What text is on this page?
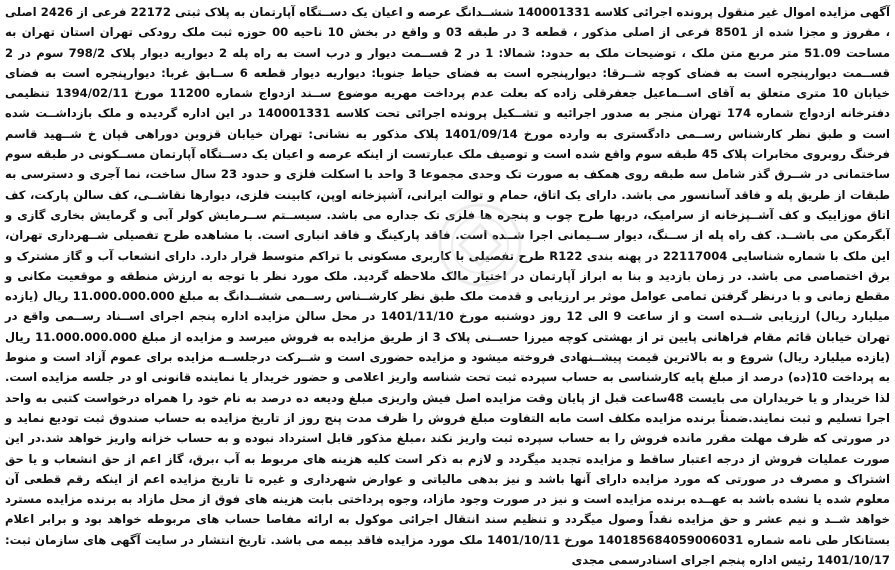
آگهی مزایده اموال غیر منقول پرونده اجرائی کلاسه 140001331 ششــدانگ عرصه و اعیان یک دســتگاه آپارتمان به پلاک ثبتی 22172 فرعی از 2426 اصلی ، مفروز و مجزا شده از 8501 فرعی از اصلی مذکور ، قطعه 3 در طبقه 03 و واقع در بخش 10 ناحیه 00 حوزه ثبت ملک رودکی تهران استان تهران به مساحت 51.09 متر مربع متن ملک ، توضیحات ملک به حدود: شمالا: 1 در 2 قســمت دیوار و درب است به راه پله 2 دیواریه دیوار پلاک 798/2 سوم در 2 قســمت دیوارپنجره است به فضای کوچه شــرقا: دیوارپنجره است به فضای حیاط جنوبا: دیواریه دیوار قطعه 6 ســابق غربا: دیوارپنجره است به فضای خیابان 10 متری متعلق به آقای اســماعیل جعفرقلی زاده که بعلت عدم پرداخت مهریه موضوع ســند ازدواج شماره 11200 مورخ 1394/02/11 تنظیمی دفترخانه ازدواج شماره 174 تهران منجر به صدور اجرائیه و تشــکیل پرونده اجرائی تحت کلاسه 140001331 در این اداره گردیده و ملک بازداشــت شده است و طبق نظر کارشناس رســمی دادگستری به وارده مورخ 1401/09/14 پلاک مذکور به نشانی: تهران خیابان قزوین دوراهی قپان خ شــهید قاسم فرخنگ روبروی مخابرات پلاک 45 طبقه سوم واقع شده است و توصیف ملک عبارتست از اینکه عرصه و اعیان یک دســتگاه آپارتمان مســکونی در طبقه سوم ساختمانی در شــرق گذر شامل سه طبقه روی همکف به صورت تک وحدی مجموعا 3 واحد با اسکلت فلزی و حدود 23 سال ساخت، نما آجری و دسترسی به طبقات از طریق پله و فاقد آسانسور می باشد. دارای یک اتاق، حمام و توالت ایرانی، آشپزخانه اوپن، کابینت فلزی، دیوارها نقاشــی، کف سالن پارکت، کف اتاق موزاییک و کف آشــپزخانه از سرامیک، دربها طرح چوب و پنجره ها فلزی تک جداره می باشد. سیســتم ســرمایش کولر آبی و گرمایش بخاری گازی و آبگرمکن می باشــد. کف راه پله از ســنگ، دیوار ســیمانی اجرا شــده است. فاقد پارکینگ و فاقد انباری است. با مشاهده طرح تفصیلی شــهرداری تهران، این ملک با شماره شناسایی 22117004 در پهنه بندی R122 طرح تفصیلی با کاربری مسکونی با تراکم متوسط قرار دارد. دارای انشعاب آب و گاز مشترک و برق اختصاصی می باشد. در زمان بازدید و بنا به ابراز آپارتمان در اختیار مالک ملاحظه گردید. ملک مورد نظر با توجه به ارزش منطقه و موقعیت مکانی و مقطع زمانی و با درنظر گرفتن تمامی عوامل موثر بر ارزیابی و قدمت ملک طبق نظر کارشــناس رســمی ششــدانگ به مبلغ 11.000.000.000 ریال (یازده میلیارد ریال) ارزیابی شــده است و از ساعت 9 الی 12 روز دوشنبه مورخ 1401/11/10 در محل سالن مزایده اداره پنجم اجرای اســناد رســمی واقع در تهران خیابان قائم مقام فراهانی پایین تر از بهشتی کوچه میرزا حســنی پلاک 3 از طریق مزایده به فروش میرسد و مزایده از مبلغ 11.000.000.000 ریال (یازده میلیارد ریال) شروع و به بالاترین قیمت پیشــنهادی فروخته میشود و مزایده حضوری است و شــرکت درجلســه مزایده برای عموم آزاد است و منوط به پرداخت 10(ده) درصد از مبلغ پایه کارشناسی به حساب سپرده ثبت تحت شناسه واریز اعلامی و حضور خریدار یا نماینده قانونی او در جلسه مزایده است. لذا خریدار و یا خریداران می بایست 48ساعت قبل از پایان وقت مزایده اصل فیش واریزی مبلغ ودیعه ده درصد به نام خود را همراه درخواست کتبی به واحد اجرا تسلیم و ثبت نمایند.ضمناً برنده مزایده مکلف است مابه التفاوت مبلغ فروش را ظرف مدت پنج روز از تاریخ مزایده به حساب صندوق ثبت تودیع نماید و در صورتی که ظرف مهلت مقرر مانده فروش را به حساب سپرده ثبت واریز نکند ،مبلغ مذکور قابل استرداد نبوده و به حساب خزانه واریز خواهد شد.در این صورت عملیات فروش از درجه اعتبار ساقط و مزایده تجدید میگردد و لازم به ذکر است کلیه هزینه های مربوط به آب ،برق، گاز اعم از حق انشعاب و یا حق اشتراک و مصرف در صورتی که مورد مزایده دارای آنها باشد و نیز بدهی مالیاتی و عوارض شهرداری و غیره تا تاریخ مزایده اعم از اینکه رقم قطعی آن معلوم شده یا نشده باشد به عهــده برنده مزایده است و نیز در صورت وجود مازاد، وجوه پرداختی بابت هزینه های فوق از محل مازاد به برنده مزایده مسترد خواهد شــد و نیم عشر و حق مزایده نقداً وصول میگردد و تنظیم سند انتقال اجرائی موکول به ارائه مفاصا حساب های مربوطه خواهد بود و برابر اعلام بستانکار طی نامه شماره 140185684059006031 مورخ 1401/10/11 ملک مورد مزایده فاقد بیمه می باشد. تاریخ انتشار در سایت آگهی های سازمان ثبت: 1401/10/17 رئیس اداره پنجم اجرای اسنادرسمی مجدی
